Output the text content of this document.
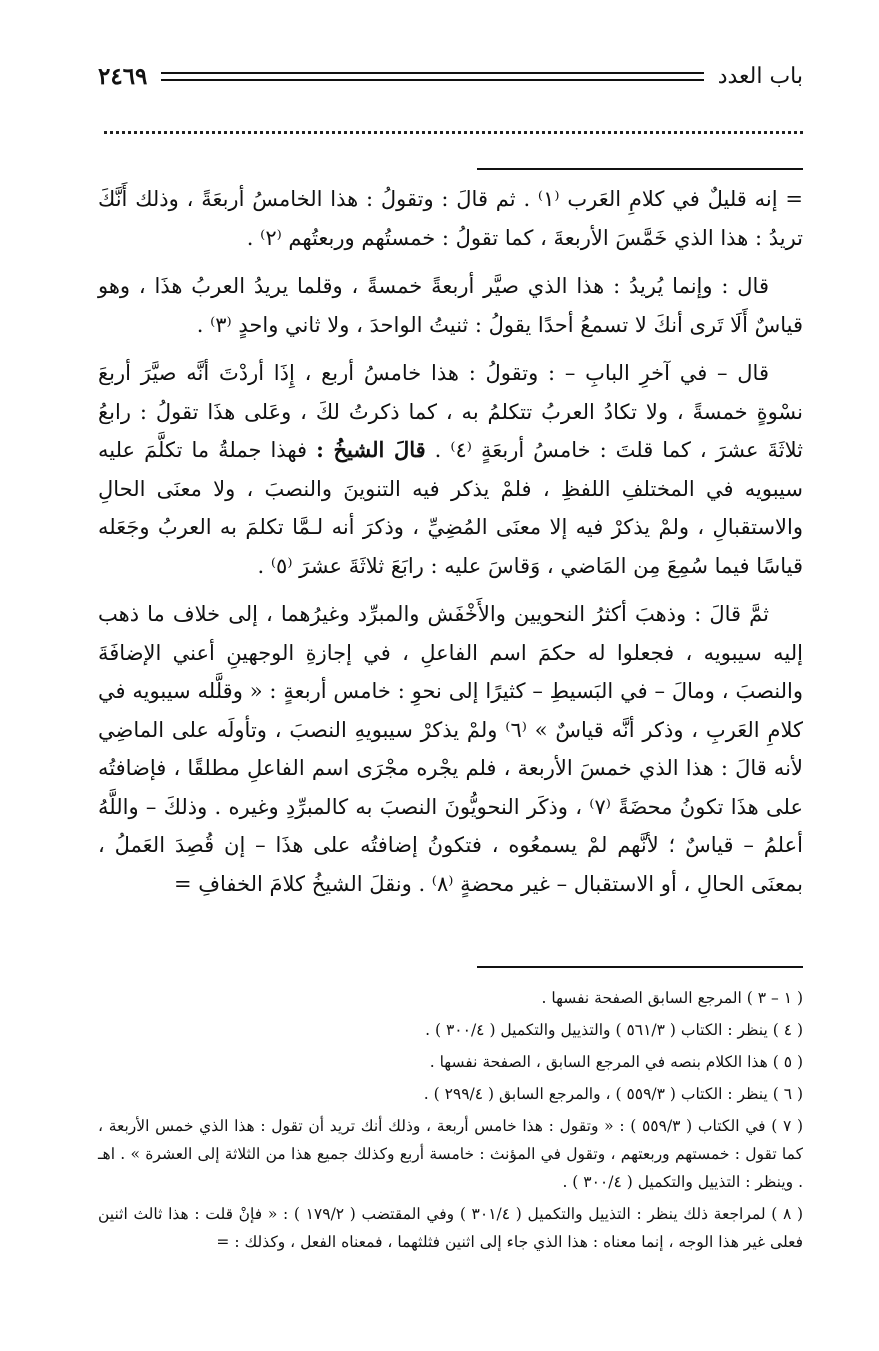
باب العدد
٢٤٦٩

= إنه قليلٌ في كلامِ العَرب ⁽١⁾ . ثم قالَ : وتقولُ : هذا الخامسُ أربعَةً ، وذلك أَنَّكَ تريدُ : هذا الذي خَمَّسَ الأربعةَ ، كما تقولُ : خمستُهم وربعتُهم ⁽٢⁾ .

قال : وإنما يُريدُ : هذا الذي صيَّر أربعةً خمسةً ، وقلما يريدُ العربُ هذَا ، وهو قياسٌ أَلَا تَرى أنكَ لا تسمعُ أحدًا يقولُ : ثنيتُ الواحدَ ، ولا ثاني واحدٍ ⁽٣⁾ .

قال – في آخرِ البابِ – : وتقولُ : هذا خامسُ أربع ، إِذَا أردْتَ أنَّه صيَّرَ أربعَ نسْوةٍ خمسةً ، ولا تكادُ العربُ تتكلمُ به ، كما ذكرتُ لكَ ، وعَلى هذَا تقولُ : رابعُ ثلاثَةَ عشرَ ، كما قلتَ : خامسُ أربعَةٍ ⁽٤⁾ . قالَ الشيخُ : فهذا جملةُ ما تكلَّمَ عليه سيبويه في المختلفِ اللفظِ ، فلمْ يذكر فيه التنوينَ والنصبَ ، ولا معنَى الحالِ والاستقبالِ ، ولمْ يذكرْ فيه إلا معنَى المُضِيِّ ، وذكرَ أنه لـمَّا تكلمَ به العربُ وجَعَله قياسًا فيما سُمِعَ مِن المَاضي ، وَقاسَ عليه : رابَعَ ثلاثَةَ عشرَ ⁽٥⁾ .

ثمَّ قالَ : وذهبَ أكثرُ النحويين والأَخْفَش والمبرِّد وغيرُهما ، إلى خلاف ما ذهب إليه سيبويه ، فجعلوا له حكمَ اسم الفاعلِ ، في إجازةِ الوجهينِ أعني الإضافَةَ والنصبَ ، ومالَ – في البَسيطِ – كثيرًا إلى نحوِ : خامس أربعةٍ : « وقلَّله سيبويه في كلامِ العَربِ ، وذكر أنَّه قياسٌ » ⁽٦⁾ ولمْ يذكرْ سيبويهِ النصبَ ، وتأولَه على الماضِي لأنه قالَ : هذا الذي خمسَ الأربعة ، فلم يجْره مجْرَى اسم الفاعلِ مطلقًا ، فإضافتُه على هذَا تكونُ محضَةً ⁽٧⁾ ، وذكَر النحويُّونَ النصبَ به كالمبرِّدِ وغيره . وذلكَ – واللَّهُ أعلمُ – قياسٌ ؛ لأنَّهم لمْ يسمعُوه ، فتكونُ إضافتُه على هذَا – إن قُصِدَ العَملُ ، بمعنَى الحالِ ، أو الاستقبال – غير محضةٍ ⁽٨⁾ . ونقلَ الشيخُ كلامَ الخفافِ =

( ١ – ٣ ) المرجع السابق الصفحة نفسها .

( ٤ ) ينظر : الكتاب ( ٥٦١/٣ ) والتذييل والتكميل ( ٣٠٠/٤ ) .

( ٥ ) هذا الكلام بنصه في المرجع السابق ، الصفحة نفسها .

( ٦ ) ينظر : الكتاب ( ٥٥٩/٣ ) ، والمرجع السابق ( ٢٩٩/٤ ) .

( ٧ ) في الكتاب ( ٥٥٩/٣ ) : « وتقول : هذا خامس أربعة ، وذلك أنك تريد أن تقول : هذا الذي خمس الأربعة ، كما تقول : خمستهم وربعتهم ، وتقول في المؤنث : خامسة أربع وكذلك جميع هذا من الثلاثة إلى العشرة » . اهـ . وينظر : التذييل والتكميل ( ٣٠٠/٤ ) .

( ٨ ) لمراجعة ذلك ينظر : التذييل والتكميل ( ٣٠١/٤ ) وفي المقتضب ( ١٧٩/٢ ) : « فإنْ قلت : هذا ثالث اثنين فعلى غير هذا الوجه ، إنما معناه : هذا الذي جاء إلى اثنين فثلثهما ، فمعناه الفعل ، وكذلك : =
